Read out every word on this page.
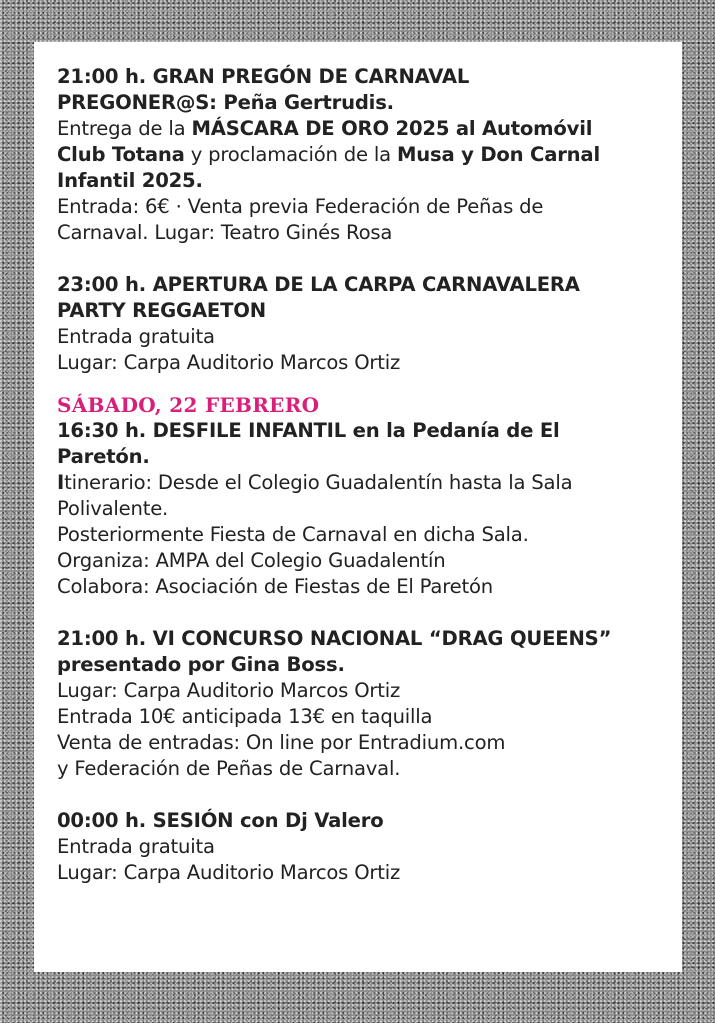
21:00 h. GRAN PREGÓN DE CARNAVAL
PREGONER@S: Peña Gertrudis.
Entrega de la MÁSCARA DE ORO 2025 al Automóvil
Club Totana y proclamación de la Musa y Don Carnal
Infantil 2025.
Entrada: 6€ · Venta previa Federación de Peñas de
Carnaval. Lugar: Teatro Ginés Rosa
23:00 h. APERTURA DE LA CARPA CARNAVALERA
PARTY REGGAETON
Entrada gratuita
Lugar: Carpa Auditorio Marcos Ortiz
SÁBADO, 22 FEBRERO
16:30 h. DESFILE INFANTIL en la Pedanía de El
Paretón.
Itinerario: Desde el Colegio Guadalentín hasta la Sala
Polivalente.
Posteriormente Fiesta de Carnaval en dicha Sala.
Organiza: AMPA del Colegio Guadalentín
Colabora: Asociación de Fiestas de El Paretón
21:00 h. VI CONCURSO NACIONAL “DRAG QUEENS”
presentado por Gina Boss.
Lugar: Carpa Auditorio Marcos Ortiz
Entrada 10€ anticipada 13€ en taquilla
Venta de entradas: On line por Entradium.com
y Federación de Peñas de Carnaval.
00:00 h. SESIÓN con Dj Valero
Entrada gratuita
Lugar: Carpa Auditorio Marcos Ortiz
